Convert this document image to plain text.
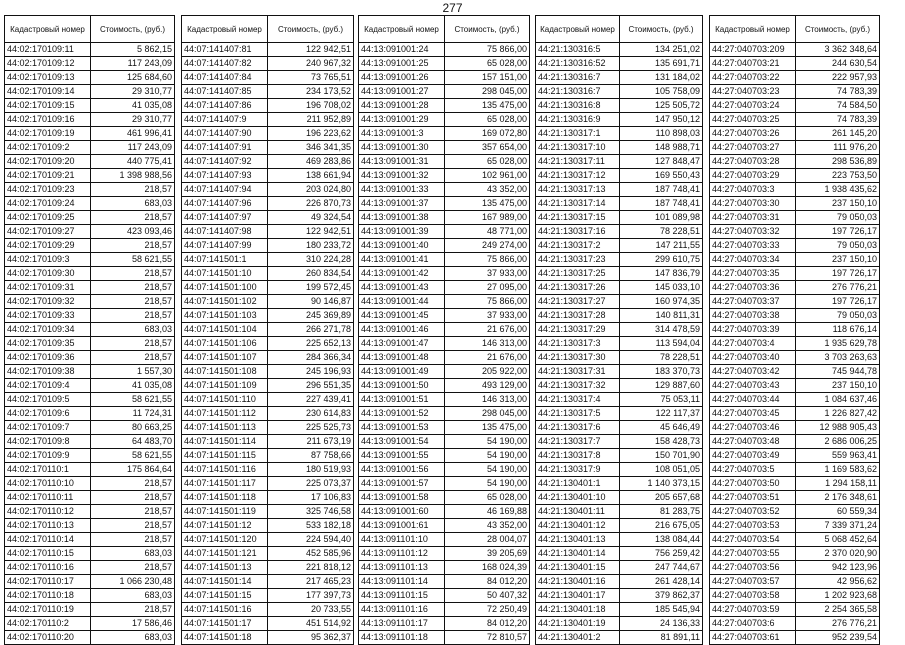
277
Кадастровый номер	Стоимость, (руб.)
44:02:170109:11	5 862,15
44:02:170109:12	117 243,09
44:02:170109:13	125 684,60
44:02:170109:14	29 310,77
44:02:170109:15	41 035,08
44:02:170109:16	29 310,77
44:02:170109:19	461 996,41
44:02:170109:2	117 243,09
44:02:170109:20	440 775,41
44:02:170109:21	1 398 988,56
44:02:170109:23	218,57
44:02:170109:24	683,03
44:02:170109:25	218,57
44:02:170109:27	423 093,46
44:02:170109:29	218,57
44:02:170109:3	58 621,55
44:02:170109:30	218,57
44:02:170109:31	218,57
44:02:170109:32	218,57
44:02:170109:33	218,57
44:02:170109:34	683,03
44:02:170109:35	218,57
44:02:170109:36	218,57
44:02:170109:38	1 557,30
44:02:170109:4	41 035,08
44:02:170109:5	58 621,55
44:02:170109:6	11 724,31
44:02:170109:7	80 663,25
44:02:170109:8	64 483,70
44:02:170109:9	58 621,55
44:02:170110:1	175 864,64
44:02:170110:10	218,57
44:02:170110:11	218,57
44:02:170110:12	218,57
44:02:170110:13	218,57
44:02:170110:14	218,57
44:02:170110:15	683,03
44:02:170110:16	218,57
44:02:170110:17	1 066 230,48
44:02:170110:18	683,03
44:02:170110:19	218,57
44:02:170110:2	17 586,46
44:02:170110:20	683,03
Кадастровый номер	Стоимость, (руб.)
44:07:141407:81	122 942,51
44:07:141407:82	240 967,32
44:07:141407:84	73 765,51
44:07:141407:85	234 173,52
44:07:141407:86	196 708,02
44:07:141407:9	211 952,89
44:07:141407:90	196 223,62
44:07:141407:91	346 341,35
44:07:141407:92	469 283,86
44:07:141407:93	138 661,94
44:07:141407:94	203 024,80
44:07:141407:96	226 870,73
44:07:141407:97	49 324,54
44:07:141407:98	122 942,51
44:07:141407:99	180 233,72
44:07:141501:1	310 224,28
44:07:141501:10	260 834,54
44:07:141501:100	199 572,45
44:07:141501:102	90 146,87
44:07:141501:103	245 369,89
44:07:141501:104	266 271,78
44:07:141501:106	225 652,13
44:07:141501:107	284 366,34
44:07:141501:108	245 196,93
44:07:141501:109	296 551,35
44:07:141501:110	227 439,41
44:07:141501:112	230 614,83
44:07:141501:113	225 525,73
44:07:141501:114	211 673,19
44:07:141501:115	87 758,66
44:07:141501:116	180 519,93
44:07:141501:117	225 073,37
44:07:141501:118	17 106,83
44:07:141501:119	325 746,58
44:07:141501:12	533 182,18
44:07:141501:120	224 594,40
44:07:141501:121	452 585,96
44:07:141501:13	221 818,12
44:07:141501:14	217 465,23
44:07:141501:15	177 397,73
44:07:141501:16	20 733,55
44:07:141501:17	451 514,92
44:07:141501:18	95 362,37
Кадастровый номер	Стоимость, (руб.)
44:13:091001:24	75 866,00
44:13:091001:25	65 028,00
44:13:091001:26	157 151,00
44:13:091001:27	298 045,00
44:13:091001:28	135 475,00
44:13:091001:29	65 028,00
44:13:091001:3	169 072,80
44:13:091001:30	357 654,00
44:13:091001:31	65 028,00
44:13:091001:32	102 961,00
44:13:091001:33	43 352,00
44:13:091001:37	135 475,00
44:13:091001:38	167 989,00
44:13:091001:39	48 771,00
44:13:091001:40	249 274,00
44:13:091001:41	75 866,00
44:13:091001:42	37 933,00
44:13:091001:43	27 095,00
44:13:091001:44	75 866,00
44:13:091001:45	37 933,00
44:13:091001:46	21 676,00
44:13:091001:47	146 313,00
44:13:091001:48	21 676,00
44:13:091001:49	205 922,00
44:13:091001:50	493 129,00
44:13:091001:51	146 313,00
44:13:091001:52	298 045,00
44:13:091001:53	135 475,00
44:13:091001:54	54 190,00
44:13:091001:55	54 190,00
44:13:091001:56	54 190,00
44:13:091001:57	54 190,00
44:13:091001:58	65 028,00
44:13:091001:60	46 169,88
44:13:091001:61	43 352,00
44:13:091101:10	28 004,07
44:13:091101:12	39 205,69
44:13:091101:13	168 024,39
44:13:091101:14	84 012,20
44:13:091101:15	50 407,32
44:13:091101:16	72 250,49
44:13:091101:17	84 012,20
44:13:091101:18	72 810,57
Кадастровый номер	Стоимость, (руб.)
44:21:130316:5	134 251,02
44:21:130316:52	135 691,71
44:21:130316:7	131 184,02
44:21:130316:7	105 758,09
44:21:130316:8	125 505,72
44:21:130316:9	147 950,12
44:21:130317:1	110 898,03
44:21:130317:10	148 988,71
44:21:130317:11	127 848,47
44:21:130317:12	169 550,43
44:21:130317:13	187 748,41
44:21:130317:14	187 748,41
44:21:130317:15	101 089,98
44:21:130317:16	78 228,51
44:21:130317:2	147 211,55
44:21:130317:23	299 610,75
44:21:130317:25	147 836,79
44:21:130317:26	145 033,10
44:21:130317:27	160 974,35
44:21:130317:28	140 811,31
44:21:130317:29	314 478,59
44:21:130317:3	113 594,04
44:21:130317:30	78 228,51
44:21:130317:31	183 370,73
44:21:130317:32	129 887,60
44:21:130317:4	75 053,11
44:21:130317:5	122 117,37
44:21:130317:6	45 646,49
44:21:130317:7	158 428,73
44:21:130317:8	150 701,90
44:21:130317:9	108 051,05
44:21:130401:1	1 140 373,15
44:21:130401:10	205 657,68
44:21:130401:11	81 283,75
44:21:130401:12	216 675,05
44:21:130401:13	138 084,44
44:21:130401:14	756 259,42
44:21:130401:15	247 744,67
44:21:130401:16	261 428,14
44:21:130401:17	379 862,37
44:21:130401:18	185 545,94
44:21:130401:19	24 136,33
44:21:130401:2	81 891,11
Кадастровый номер	Стоимость, (руб.)
44:27:040703:209	3 362 348,64
44:27:040703:21	244 630,54
44:27:040703:22	222 957,93
44:27:040703:23	74 783,39
44:27:040703:24	74 584,50
44:27:040703:25	74 783,39
44:27:040703:26	261 145,20
44:27:040703:27	111 976,20
44:27:040703:28	298 536,89
44:27:040703:29	223 753,50
44:27:040703:3	1 938 435,62
44:27:040703:30	237 150,10
44:27:040703:31	79 050,03
44:27:040703:32	197 726,17
44:27:040703:33	79 050,03
44:27:040703:34	237 150,10
44:27:040703:35	197 726,17
44:27:040703:36	276 776,21
44:27:040703:37	197 726,17
44:27:040703:38	79 050,03
44:27:040703:39	118 676,14
44:27:040703:4	1 935 629,78
44:27:040703:40	3 703 263,63
44:27:040703:42	745 944,78
44:27:040703:43	237 150,10
44:27:040703:44	1 084 637,46
44:27:040703:45	1 226 827,42
44:27:040703:46	12 988 905,43
44:27:040703:48	2 686 006,25
44:27:040703:49	559 963,41
44:27:040703:5	1 169 583,62
44:27:040703:50	1 294 158,11
44:27:040703:51	2 176 348,61
44:27:040703:52	60 559,34
44:27:040703:53	7 339 371,24
44:27:040703:54	5 068 452,64
44:27:040703:55	2 370 020,90
44:27:040703:56	942 123,96
44:27:040703:57	42 956,62
44:27:040703:58	1 202 923,68
44:27:040703:59	2 254 365,58
44:27:040703:6	276 776,21
44:27:040703:61	952 239,54
